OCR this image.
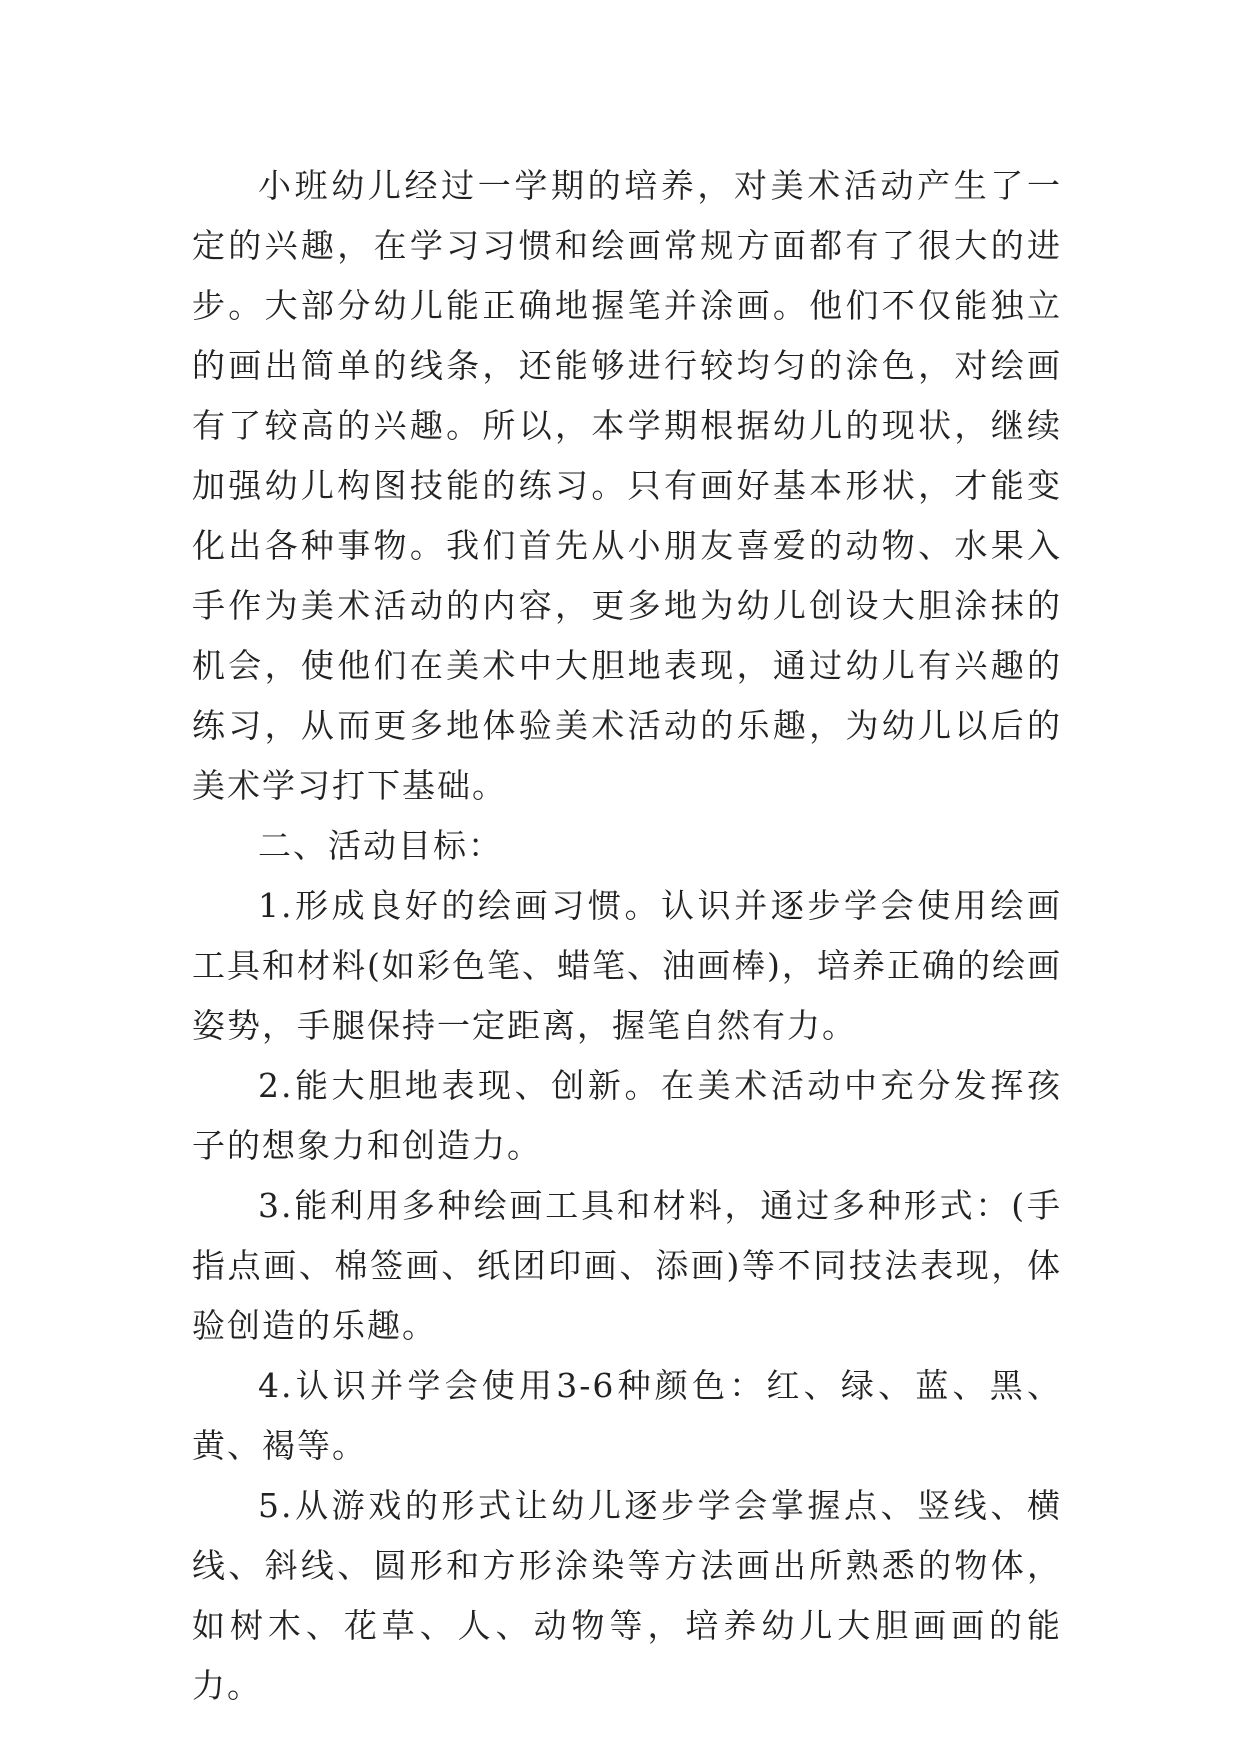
小班幼儿经过一学期的培养，对美术活动产生了一定的兴趣，在学习习惯和绘画常规方面都有了很大的进步。大部分幼儿能正确地握笔并涂画。他们不仅能独立的画出简单的线条，还能够进行较均匀的涂色，对绘画有了较高的兴趣。所以，本学期根据幼儿的现状，继续加强幼儿构图技能的练习。只有画好基本形状，才能变化出各种事物。我们首先从小朋友喜爱的动物、水果入手作为美术活动的内容，更多地为幼儿创设大胆涂抹的机会，使他们在美术中大胆地表现，通过幼儿有兴趣的练习，从而更多地体验美术活动的乐趣，为幼儿以后的美术学习打下基础。

二、活动目标：

1.形成良好的绘画习惯。认识并逐步学会使用绘画工具和材料(如彩色笔、蜡笔、油画棒)，培养正确的绘画姿势，手腿保持一定距离，握笔自然有力。

2.能大胆地表现、创新。在美术活动中充分发挥孩子的想象力和创造力。

3.能利用多种绘画工具和材料，通过多种形式：(手指点画、棉签画、纸团印画、添画)等不同技法表现，体验创造的乐趣。

4.认识并学会使用3-6种颜色：红、绿、蓝、黑、黄、褐等。

5.从游戏的形式让幼儿逐步学会掌握点、竖线、横线、斜线、圆形和方形涂染等方法画出所熟悉的物体，如树木、花草、人、动物等，培养幼儿大胆画画的能力。
